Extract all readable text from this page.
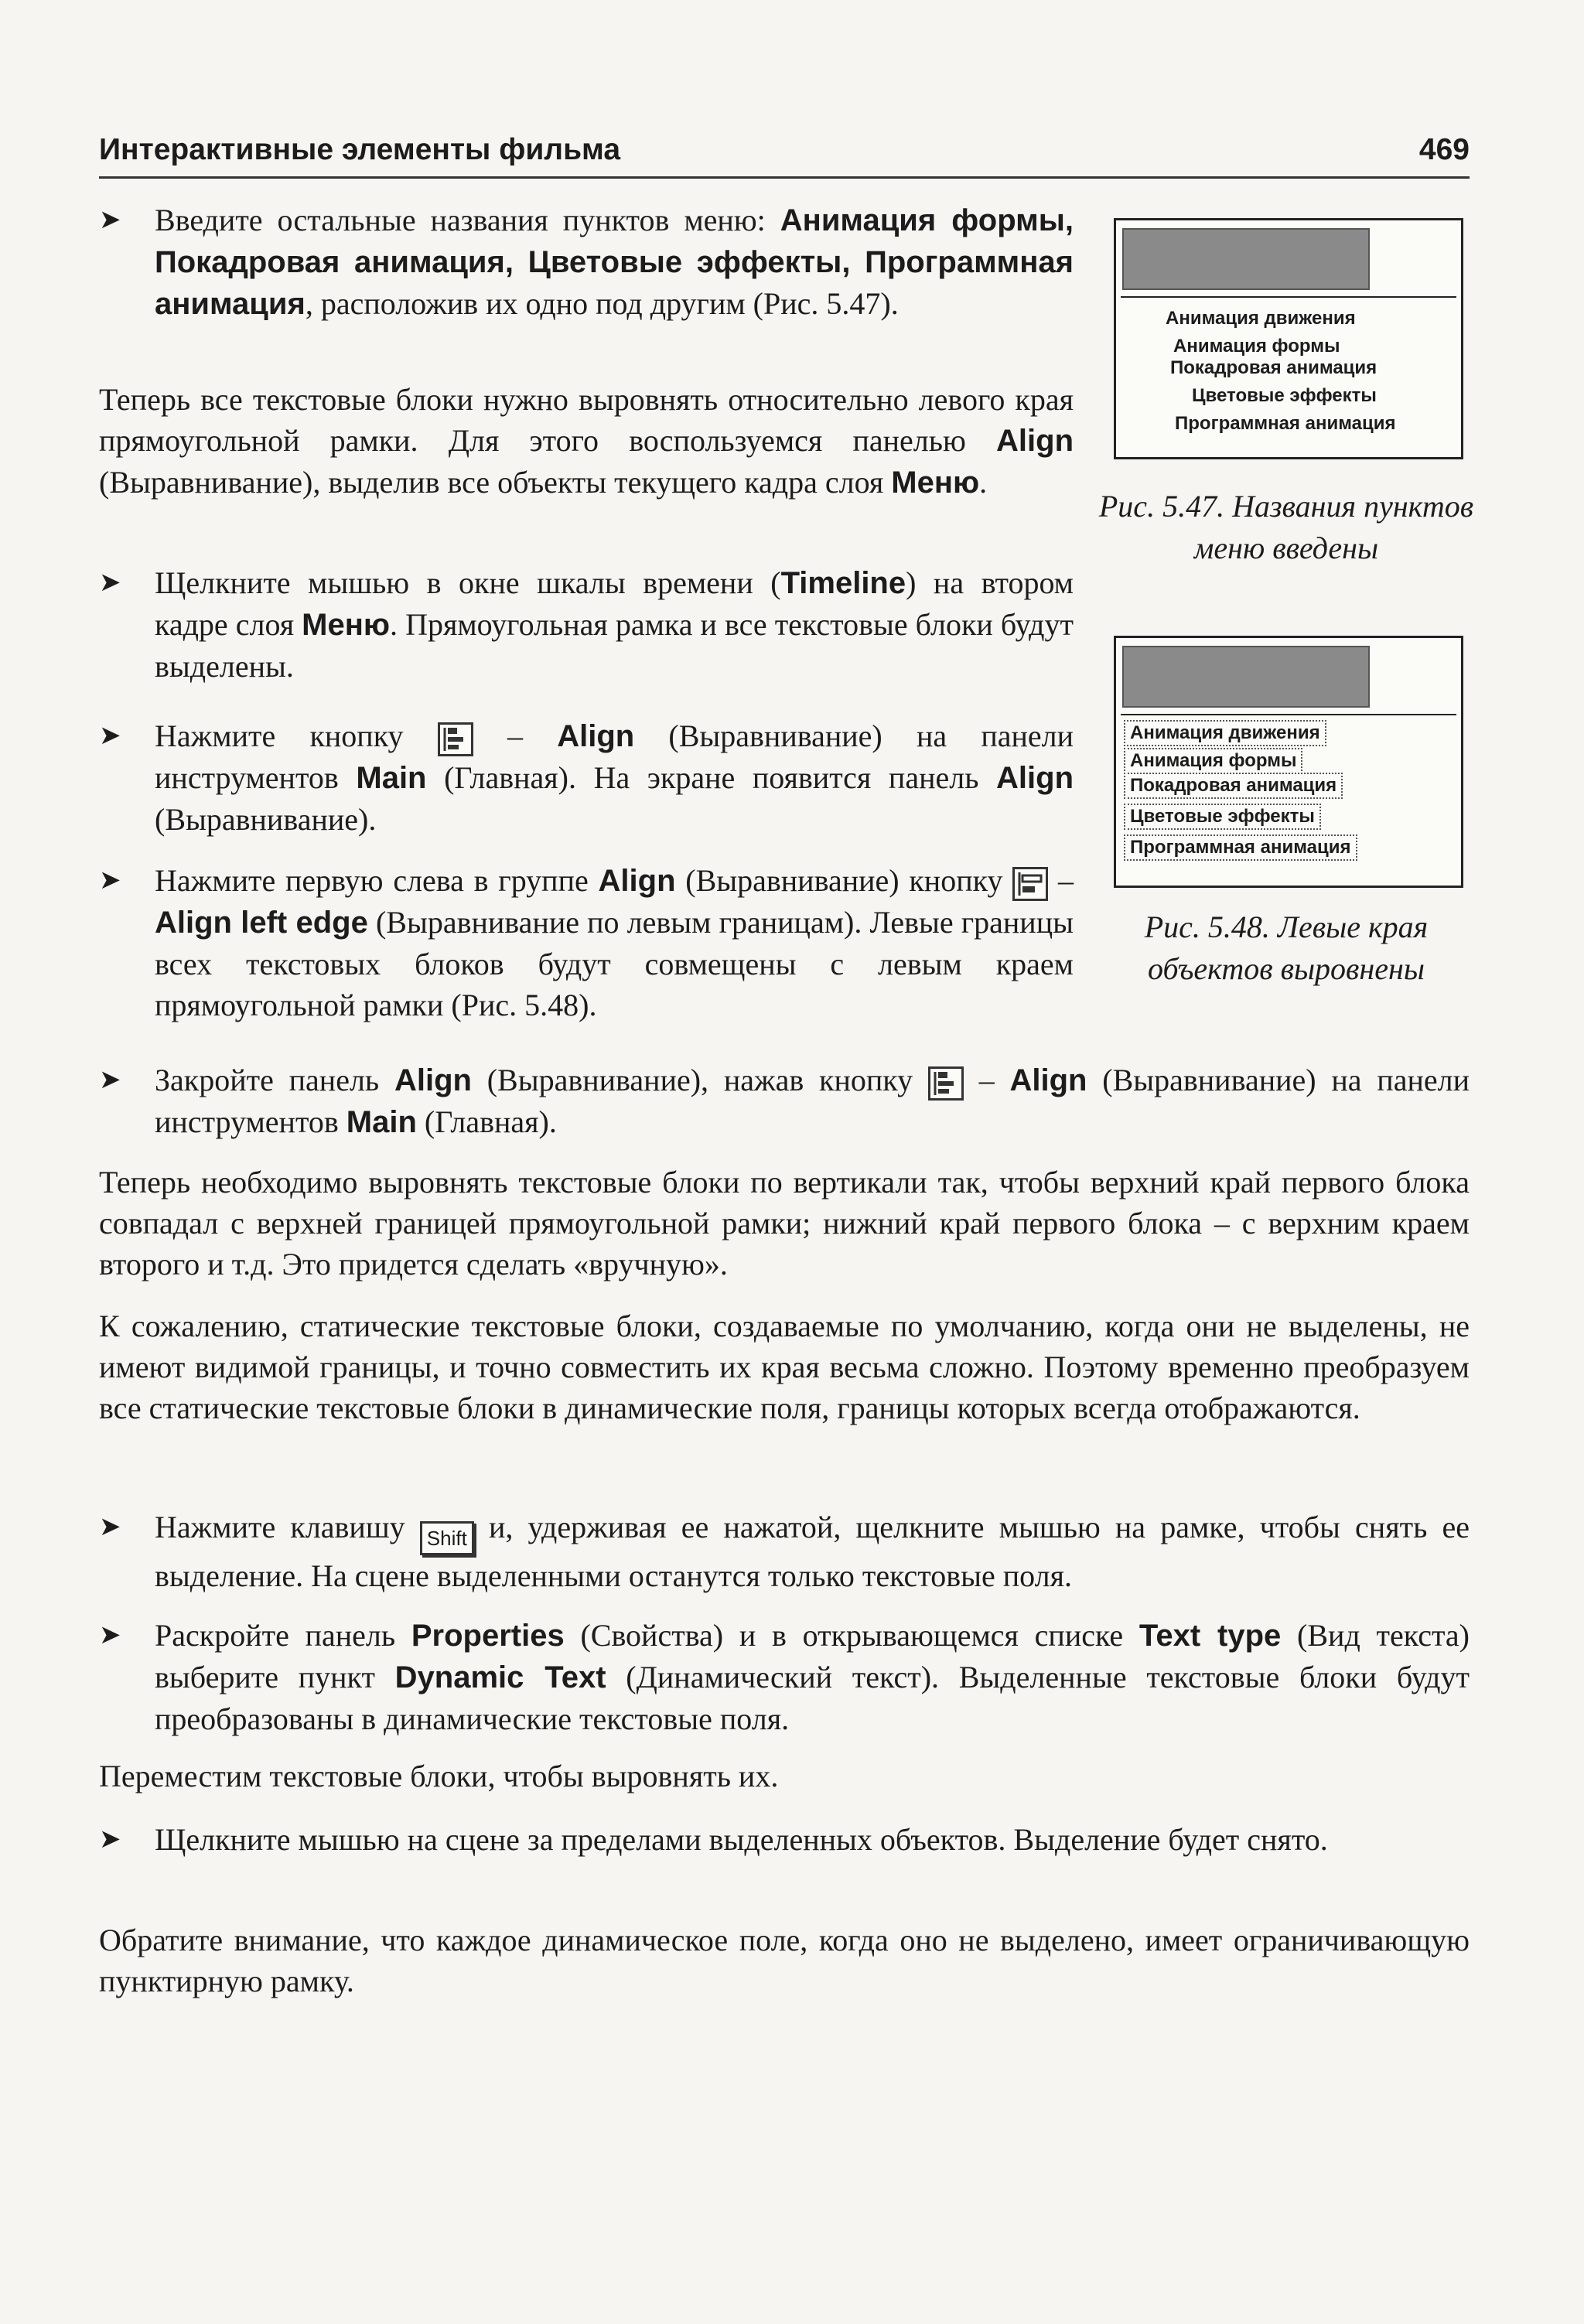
Интерактивные элементы фильма	469
➤ Введите остальные названия пунктов меню: Анимация формы, Покадровая анимация, Цветовые эффекты, Программная анимация, расположив их одно под другим (Рис. 5.47).

Теперь все текстовые блоки нужно выровнять относительно левого края прямоугольной рамки. Для этого воспользуемся панелью Align (Выравнивание), выделив все объекты текущего кадра слоя Меню.

➤ Щелкните мышью в окне шкалы времени (Timeline) на втором кадре слоя Меню. Прямоугольная рамка и все текстовые блоки будут выделены.

➤ Нажмите кнопку  – Align (Выравнивание) на панели инструментов Main (Главная). На экране появится панель Align (Выравнивание).

➤ Нажмите первую слева в группе Align (Выравнивание) кнопку  – Align left edge (Выравнивание по левым границам). Левые границы всех текстовых блоков будут совмещены с левым краем прямоугольной рамки (Рис. 5.48).

➤ Закройте панель Align (Выравнивание), нажав кнопку  – Align (Выравнивание) на панели инструментов Main (Главная).

Теперь необходимо выровнять текстовые блоки по вертикали так, чтобы верхний край первого блока совпадал с верхней границей прямоугольной рамки; нижний край первого блока – с верхним краем второго и т.д. Это придется сделать «вручную».

К сожалению, статические текстовые блоки, создаваемые по умолчанию, когда они не выделены, не имеют видимой границы, и точно совместить их края весьма сложно. Поэтому временно преобразуем все статические текстовые блоки в динамические поля, границы которых всегда отображаются.

➤ Нажмите клавишу Shift и, удерживая ее нажатой, щелкните мышью на рамке, чтобы снять ее выделение. На сцене выделенными останутся только текстовые поля.

➤ Раскройте панель Properties (Свойства) и в открывающемся списке Text type (Вид текста) выберите пункт Dynamic Text (Динамический текст). Выделенные текстовые блоки будут преобразованы в динамические текстовые поля.

Переместим текстовые блоки, чтобы выровнять их.

➤ Щелкните мышью на сцене за пределами выделенных объектов. Выделение будет снято.

Обратите внимание, что каждое динамическое поле, когда оно не выделено, имеет ограничивающую пунктирную рамку.

Анимация движения
Анимация формы
Покадровая анимация
Цветовые эффекты
Программная анимация
Рис. 5.47. Названия пунктов меню введены
Анимация движения
Анимация формы
Покадровая анимация
Цветовые эффекты
Программная анимация
Рис. 5.48. Левые края объектов выровнены
